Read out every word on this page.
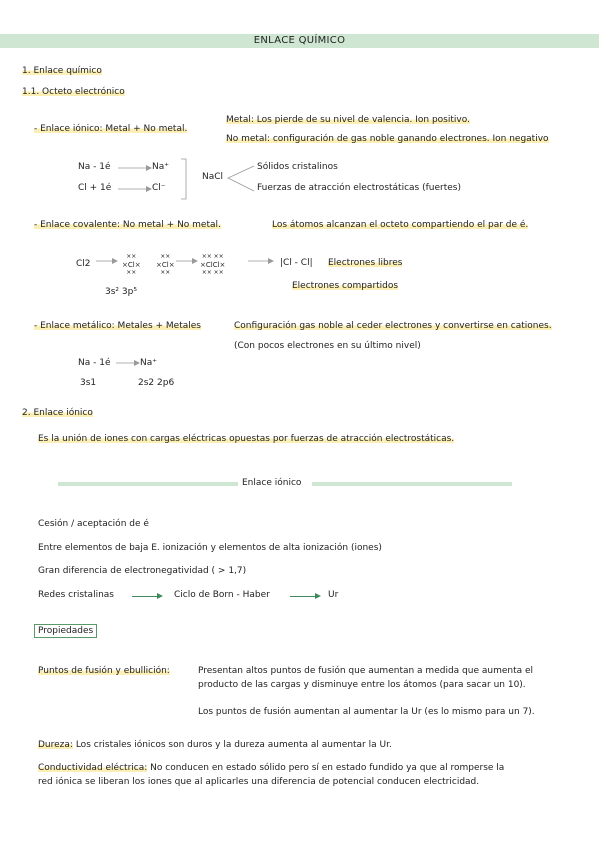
ENLACE QUÍMICO
1. Enlace químico
1.1. Octeto electrónico
- Enlace iónico: Metal + No metal.
Metal: Los pierde de su nivel de valencia. Ion positivo.
No metal: configuración de gas noble ganando electrones. Ion negativo
Na - 1é	Na⁺
Cl + 1é	Cl⁻
NaCl
Sólidos cristalinos
Fuerzas de atracción electrostáticas (fuertes)
- Enlace covalente: No metal + No metal.	Los átomos alcanzan el octeto compartiendo el par de é.
Cl2
××
×Cl×
××
××
×Cl×
××
×× ××
×ClCl×
×× ××
|Cl - Cl| Electrones libres
3s² 3p⁵
Electrones compartidos
- Enlace metálico: Metales + Metales	Configuración gas noble al ceder electrones y convertirse en cationes.
(Con pocos electrones en su último nivel)
Na - 1é	Na⁺
3s1	2s2 2p6
2. Enlace iónico
Es la unión de iones con cargas eléctricas opuestas por fuerzas de atracción electrostáticas.
Enlace iónico
Cesión / aceptación de é
Entre elementos de baja E. ionización y elementos de alta ionización (iones)
Gran diferencia de electronegatividad ( > 1,7)
Redes cristalinas	Ciclo de Born - Haber	Ur
Propiedades
Puntos de fusión y ebullición:	Presentan altos puntos de fusión que aumentan a medida que aumenta el
producto de las cargas y disminuye entre los átomos (para sacar un 10).
Los puntos de fusión aumentan al aumentar la Ur (es lo mismo para un 7).
Dureza: Los cristales iónicos son duros y la dureza aumenta al aumentar la Ur.
Conductividad eléctrica: No conducen en estado sólido pero sí en estado fundido ya que al romperse la
red iónica se liberan los iones que al aplicarles una diferencia de potencial conducen electricidad.
